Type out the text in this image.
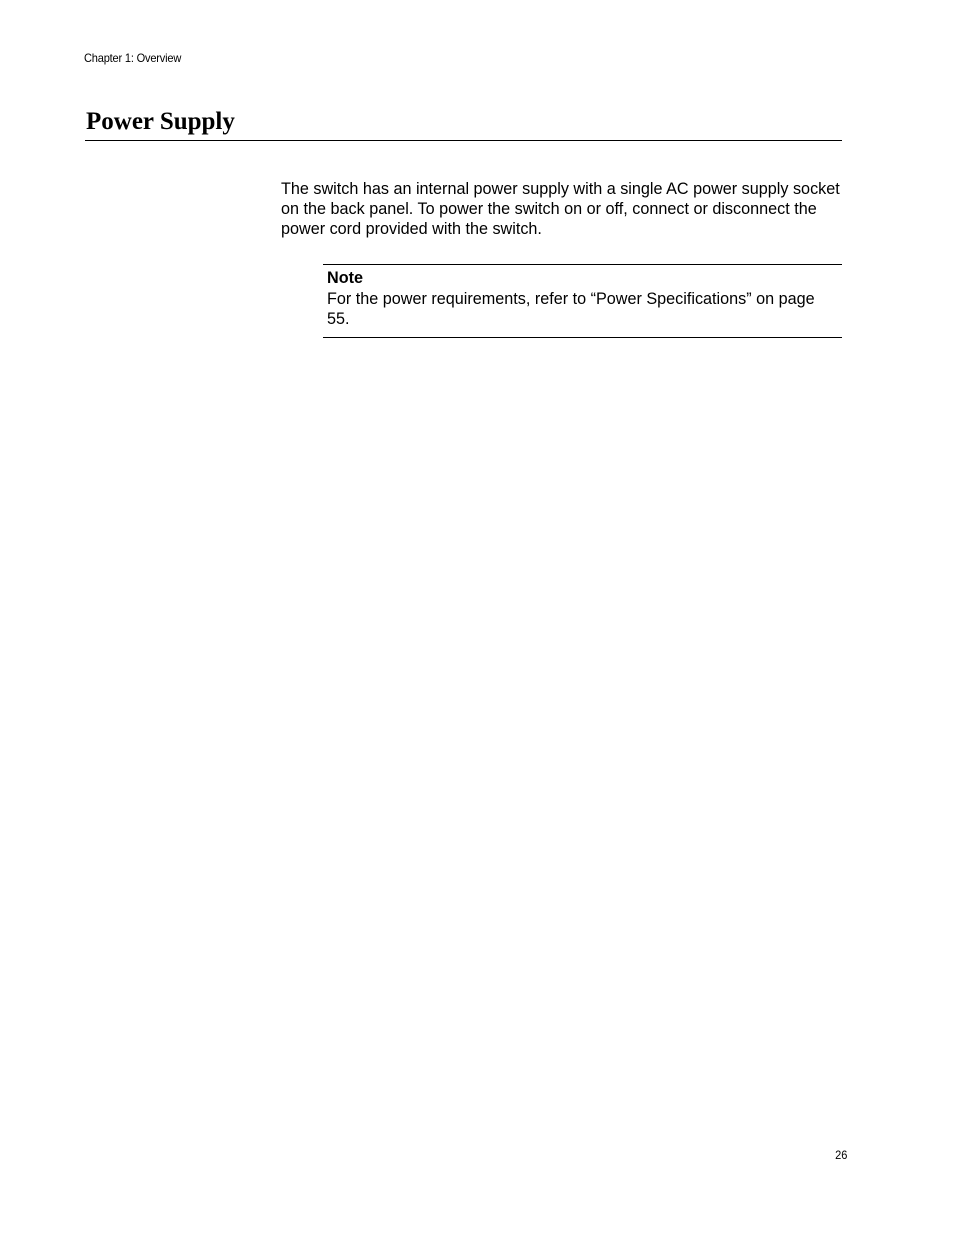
Chapter 1: Overview
Power Supply

The switch has an internal power supply with a single AC power supply socket on the back panel. To power the switch on or off, connect or disconnect the power cord provided with the switch.

Note

For the power requirements, refer to “Power Specifications” on page 55.

26
